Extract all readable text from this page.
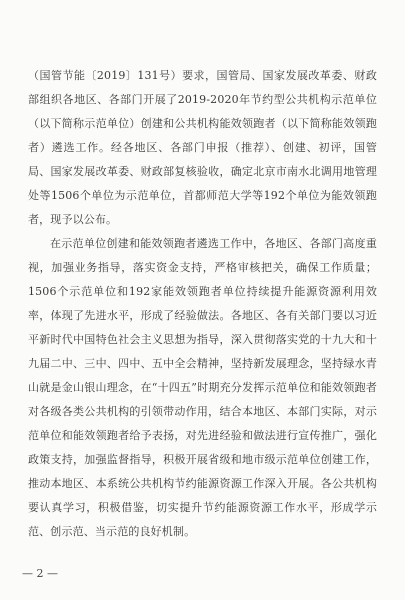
（国管节能〔2019〕131号）要求，国管局、国家发展改革委、财政部组织各地区、各部门开展了2019-2020年节约型公共机构示范单位（以下简称示范单位）创建和公共机构能效领跑者（以下简称能效领跑者）遴选工作。经各地区、各部门申报（推荐）、创建、初评，国管局、国家发展改革委、财政部复核验收，确定北京市南水北调用地管理处等1506个单位为示范单位，首都师范大学等192个单位为能效领跑者，现予以公布。

在示范单位创建和能效领跑者遴选工作中，各地区、各部门高度重视，加强业务指导，落实资金支持，严格审核把关，确保工作质量；1506个示范单位和192家能效领跑者单位持续提升能源资源利用效率，体现了先进水平，形成了经验做法。各地区、各有关部门要以习近平新时代中国特色社会主义思想为指导，深入贯彻落实党的十九大和十九届二中、三中、四中、五中全会精神，坚持新发展理念，坚持绿水青山就是金山银山理念，在“十四五”时期充分发挥示范单位和能效领跑者对各级各类公共机构的引领带动作用，结合本地区、本部门实际，对示范单位和能效领跑者给予表扬，对先进经验和做法进行宣传推广，强化政策支持，加强监督指导，积极开展省级和地市级示范单位创建工作，推动本地区、本系统公共机构节约能源资源工作深入开展。各公共机构要认真学习，积极借鉴，切实提升节约能源资源工作水平，形成学示范、创示范、当示范的良好机制。

— 2 —
